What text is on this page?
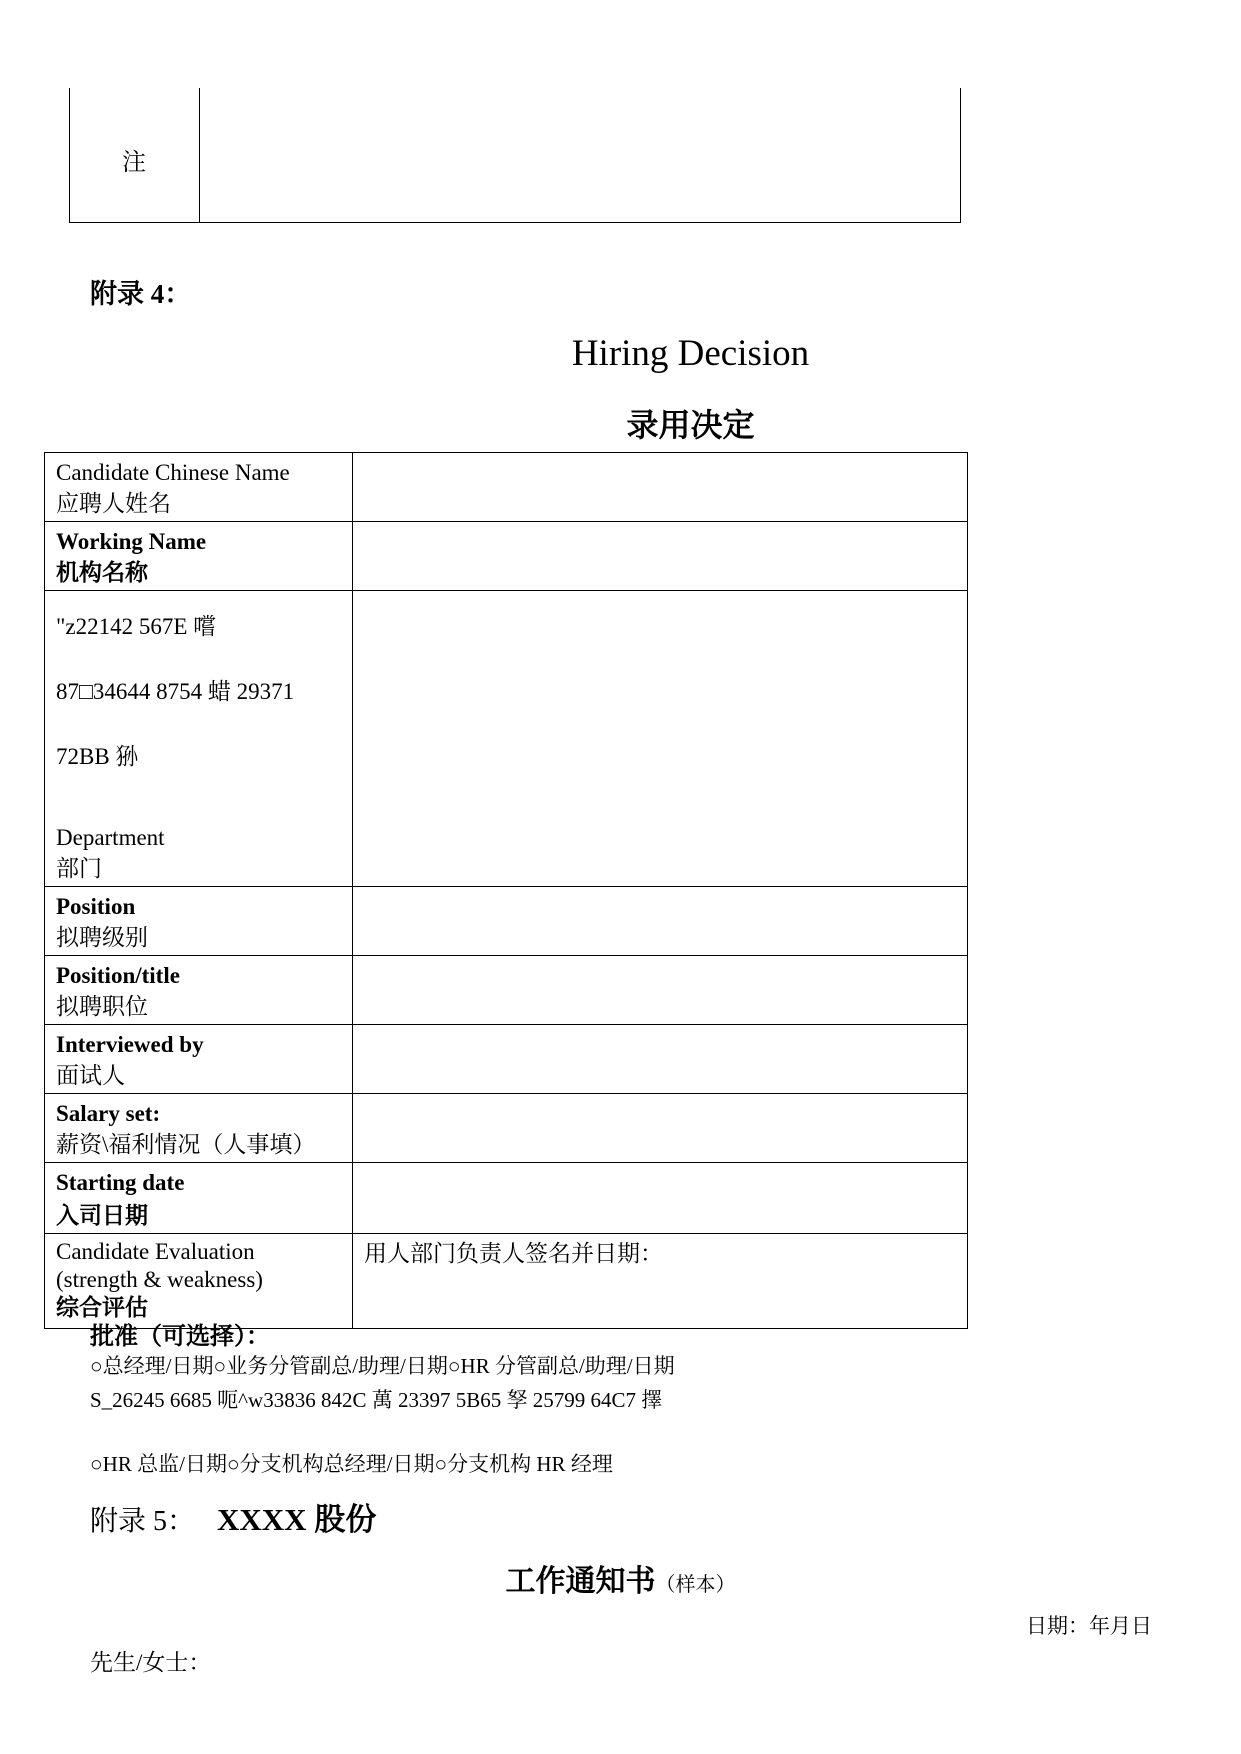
注
附录 4：
Hiring Decision
录用决定
Candidate Chinese Name
应聘人姓名	

Working Name
机构名称	

"z22142 567E 嚐
87□34644 8754 蜡 29371
72BB 狲
Department
部门	

Position
拟聘级别	

Position/title
拟聘职位	

Interviewed by
面试人	

Salary set:
薪资\福利情况（人事填）	

Starting date
入司日期	

Candidate Evaluation
(strength & weakness)
综合评估	用人部门负责人签名并日期：
批准（可选择）：
○总经理/日期○业务分管副总/助理/日期○HR 分管副总/助理/日期
S_26245 6685 呃^w33836 842C 萬 23397 5B65 孥 25799 64C7 擇
○HR 总监/日期○分支机构总经理/日期○分支机构 HR 经理
附录 5： XXXX 股份
工作通知书（样本）
日期：年月日
先生/女士：
